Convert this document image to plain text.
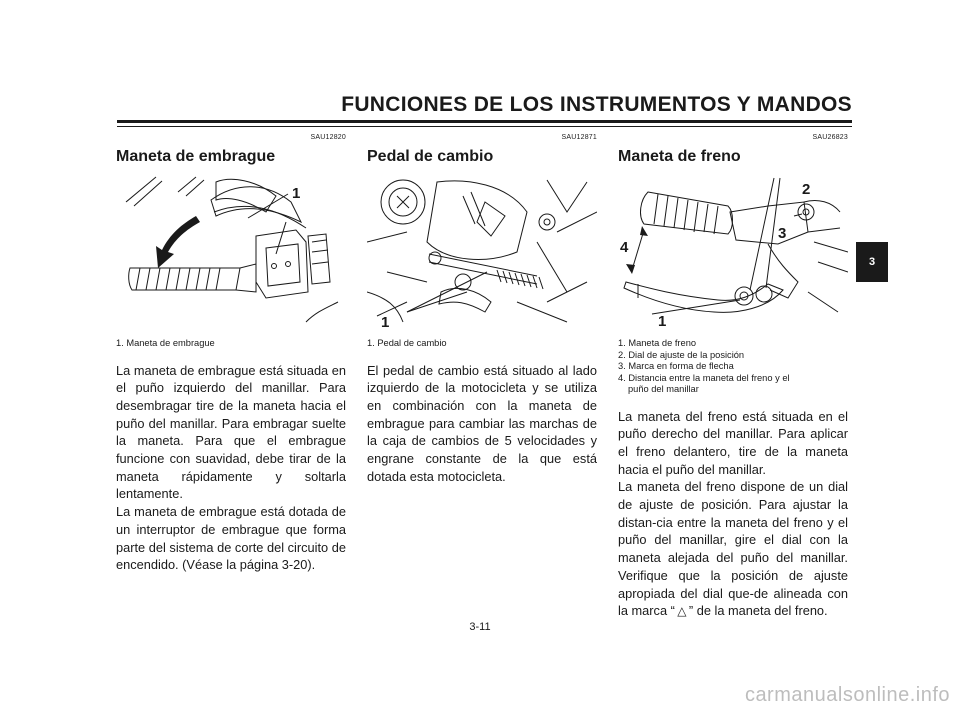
FUNCIONES DE LOS INSTRUMENTOS Y MANDOS
SAU12820
Maneta de embrague
1
1. Maneta de embrague

La maneta de embrague está situada en el puño izquierdo del manillar. Para desembragar tire de la maneta hacia el puño del manillar. Para embragar suelte la maneta. Para que el embrague funcione con suavidad, debe tirar de la maneta rápidamente y soltarla lentamente.

La maneta de embrague está dotada de un interruptor de embrague que forma parte del sistema de corte del circuito de encendido. (Véase la página 3-20).

SAU12871
Pedal de cambio
1
1. Pedal de cambio

El pedal de cambio está situado al lado izquierdo de la motocicleta y se utiliza en combinación con la maneta de embrague para cambiar las marchas de la caja de cambios de 5 velocidades y engrane constante de la que está dotada esta motocicleta.

SAU26823
Maneta de freno
2
3
4
1
1. Maneta de freno
2. Dial de ajuste de la posición
3. Marca en forma de flecha
4. Distancia entre la maneta del freno y el
puño del manillar

La maneta del freno está situada en el puño derecho del manillar. Para aplicar el freno delantero, tire de la maneta hacia el puño del manillar.

La maneta del freno dispone de un dial de ajuste de posición. Para ajustar la distan-cia entre la maneta del freno y el puño del manillar, gire el dial con la maneta alejada del puño del manillar. Verifique que la posición de ajuste apropiada del dial que-de alineada con la marca “ △ ” de la maneta del freno.

3-11
3
carmanualsonline.info
